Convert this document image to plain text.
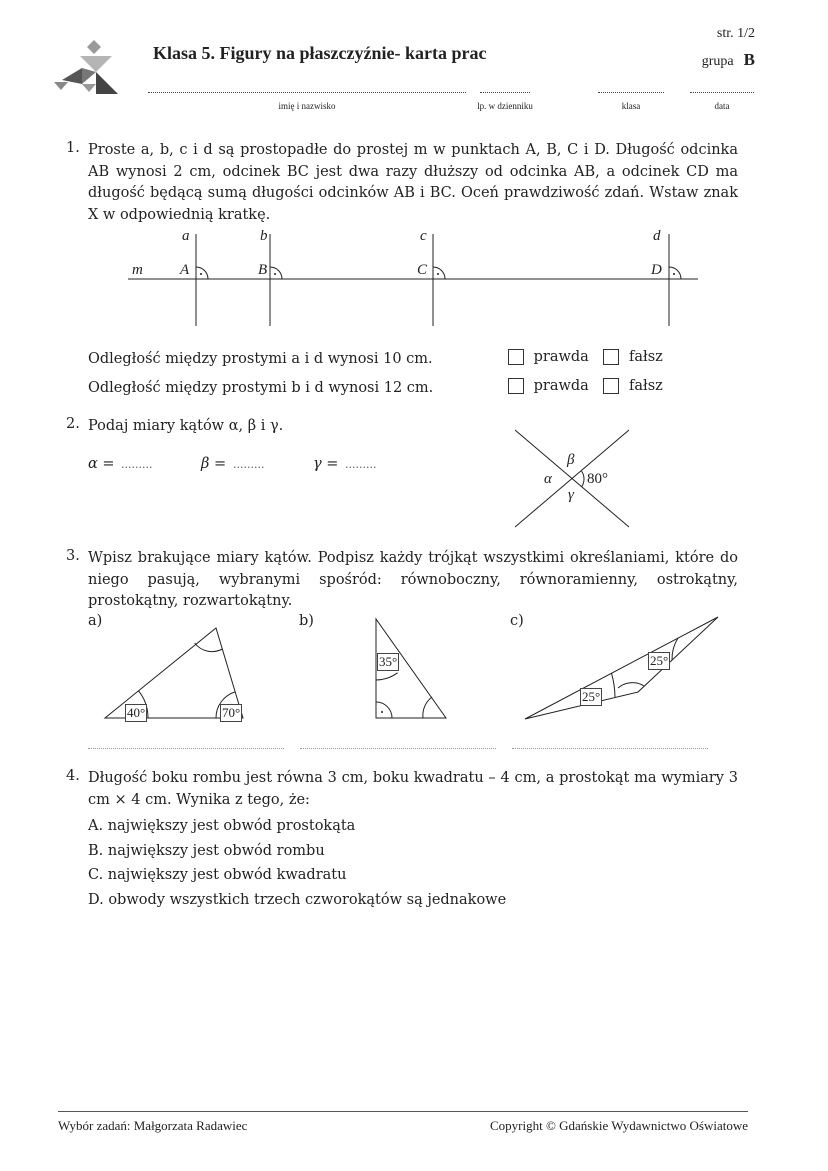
Klasa 5. Figury na płaszczyźnie- karta prac
str. 1/2
grupa B
imię i nazwisko	lp. w dzienniku	klasa	data
1. Proste a, b, c i d są prostopadłe do prostej m w punktach A, B, C i D. Długość odcinka AB wynosi 2 cm, odcinek BC jest dwa razy dłuższy od odcinka AB, a odcinek CD ma długość będącą sumą długości odcinków AB i BC. Oceń prawdziwość zdań. Wstaw znak X w odpowiednią kratkę.
a	b	c	d
m A	B	C	D
Odległość między prostymi a i d wynosi 10 cm.	prawda	fałsz
Odległość między prostymi b i d wynosi 12 cm.	prawda	fałsz
2. Podaj miary kątów α, β i γ.
α = .........	β = .........	γ = .........	β
α
γ
80°
3. Wpisz brakujące miary kątów. Podpisz każdy trójkąt wszystkimi określaniami, które do niego pasują, wybranymi spośród: równoboczny, równoramienny, ostrokątny, prostokątny, rozwartokątny.
a)	b)	c)
40°	70°
35°	25°
25°
4. Długość boku rombu jest równa 3 cm, boku kwadratu – 4 cm, a prostokąt ma wymiary 3 cm × 4 cm. Wynika z tego, że:
A. największy jest obwód prostokąta
B. największy jest obwód rombu
C. największy jest obwód kwadratu
D. obwody wszystkich trzech czworokątów są jednakowe
Wybór zadań: Małgorzata Radawiec	Copyright © Gdańskie Wydawnictwo Oświatowe
